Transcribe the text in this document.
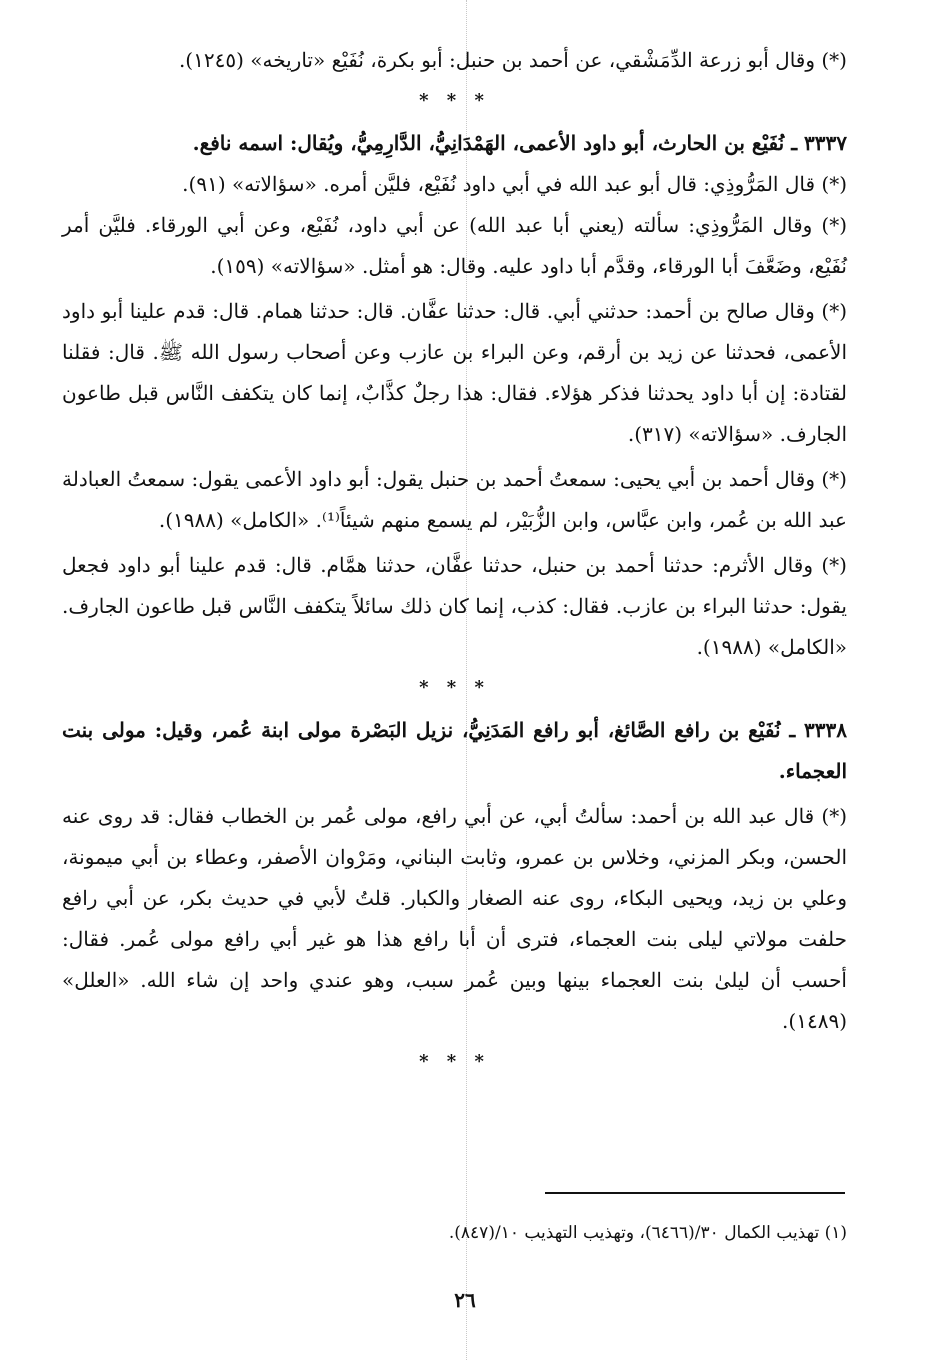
(*) وقال أبو زرعة الدِّمَشْقي، عن أحمد بن حنبل: أبو بكرة، نُفَيْع «تاريخه» (١٢٤٥).

* * *

٣٣٣٧ ـ نُفَيْع بن الحارث، أبو داود الأعمى، الهَمْدَانِيُّ، الدَّارِمِيُّ، ويُقال: اسمه نافع.

(*) قال المَرُّوذِي: قال أبو عبد الله في أبي داود نُفَيْع، فليَّن أمره. «سؤالاته» (٩١).

(*) وقال المَرُّوذِي: سألته (يعني أبا عبد الله) عن أبي داود، نُفَيْع، وعن أبي الورقاء. فليَّن أمر نُفَيْع، وضَعَّفَ أبا الورقاء، وقدَّم أبا داود عليه. وقال: هو أمثل. «سؤالاته» (١٥٩).

(*) وقال صالح بن أحمد: حدثني أبي. قال: حدثنا عفَّان. قال: حدثنا همام. قال: قدم علينا أبو داود الأعمى، فحدثنا عن زيد بن أرقم، وعن البراء بن عازب وعن أصحاب رسول الله ﷺ. قال: فقلنا لقتادة: إن أبا داود يحدثنا فذكر هؤلاء. فقال: هذا رجلٌ كذَّابٌ، إنما كان يتكفف النَّاس قبل طاعون الجارف. «سؤالاته» (٣١٧).

(*) وقال أحمد بن أبي يحيى: سمعتُ أحمد بن حنبل يقول: أبو داود الأعمى يقول: سمعتُ العبادلة عبد الله بن عُمر، وابن عبَّاس، وابن الزُّبَيْر، لم يسمع منهم شيئاً⁽¹⁾. «الكامل» (١٩٨٨).

(*) وقال الأثرم: حدثنا أحمد بن حنبل، حدثنا عفَّان، حدثنا همَّام. قال: قدم علينا أبو داود فجعل يقول: حدثنا البراء بن عازب. فقال: كذب، إنما كان ذلك سائلاً يتكفف النَّاس قبل طاعون الجارف. «الكامل» (١٩٨٨).

* * *

٣٣٣٨ ـ نُفَيْع بن رافع الصَّائغ، أبو رافع المَدَنِيُّ، نزيل البَصْرة مولى ابنة عُمر، وقيل: مولى بنت العجماء.

(*) قال عبد الله بن أحمد: سألتُ أبي، عن أبي رافع، مولى عُمر بن الخطاب فقال: قد روى عنه الحسن، وبكر المزني، وخلاس بن عمرو، وثابت البناني، ومَرْوان الأصفر، وعطاء بن أبي ميمونة، وعلي بن زيد، ويحيى البكاء، روى عنه الصغار والكبار. قلتُ لأبي في حديث بكر، عن أبي رافع حلفت مولاتي ليلى بنت العجماء، فترى أن أبا رافع هذا هو غير أبي رافع مولى عُمر. فقال: أحسب أن ليلىٰ بنت العجماء بينها وبين عُمر سبب، وهو عندي واحد إن شاء الله. «العلل» (١٤٨٩).

* * *
(١) تهذيب الكمال ٣٠/(٦٤٦٦)، وتهذيب التهذيب ١٠/(٨٤٧).
٢٦
